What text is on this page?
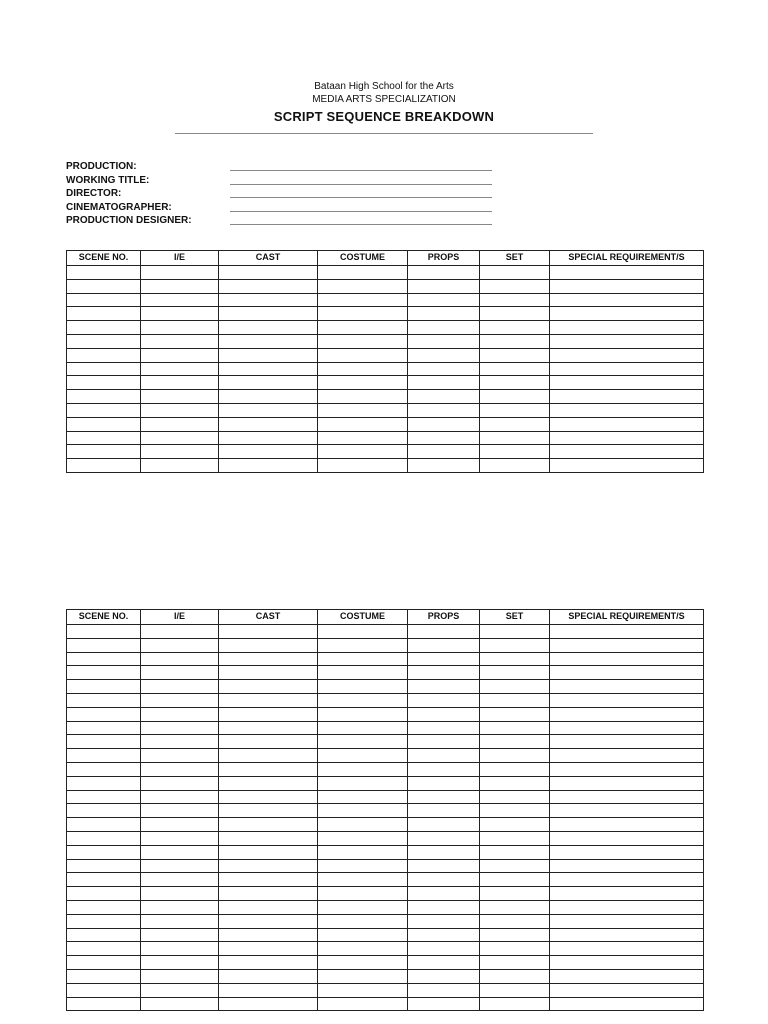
Bataan High School for the Arts
MEDIA ARTS SPECIALIZATION
SCRIPT SEQUENCE BREAKDOWN
PRODUCTION:
WORKING TITLE:
DIRECTOR:
CINEMATOGRAPHER:
PRODUCTION DESIGNER:
SCENE NO.	I/E	CAST	COSTUME	PROPS	SET	SPECIAL REQUIREMENT/S

SCENE NO.	I/E	CAST	COSTUME	PROPS	SET	SPECIAL REQUIREMENT/S
